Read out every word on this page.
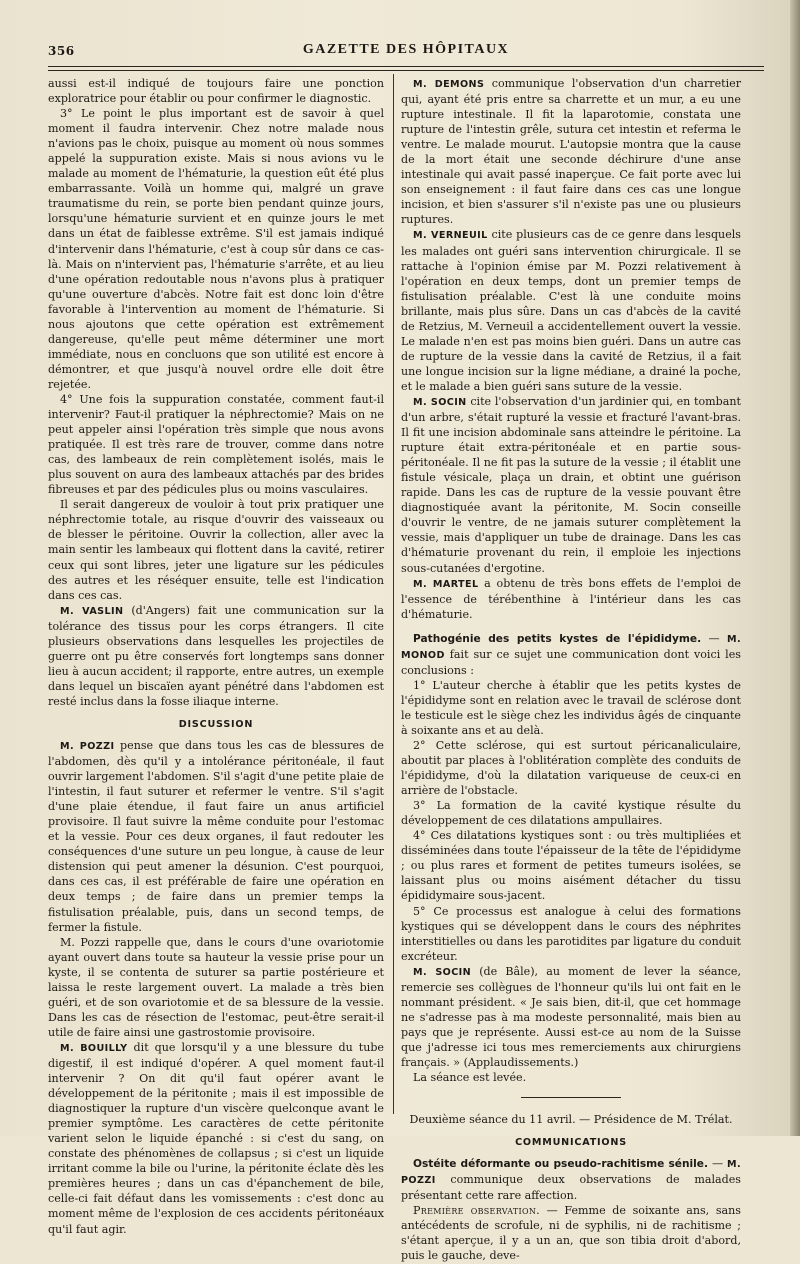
356	GAZETTE DES HÔPITAUX

aussi est-il indiqué de toujours faire une ponction exploratrice pour établir ou pour confirmer le diagnostic.

3° Le point le plus important est de savoir à quel moment il faudra intervenir. Chez notre malade nous n'avions pas le choix, puisque au moment où nous sommes appelé la suppuration existe. Mais si nous avions vu le malade au moment de l'hématurie, la question eût été plus embarrassante. Voilà un homme qui, malgré un grave traumatisme du rein, se porte bien pendant quinze jours, lorsqu'une hématurie survient et en quinze jours le met dans un état de faiblesse extrême. S'il est jamais indiqué d'intervenir dans l'hématurie, c'est à coup sûr dans ce cas-là. Mais on n'intervient pas, l'hématurie s'arrête, et au lieu d'une opération redoutable nous n'avons plus à pratiquer qu'une ouverture d'abcès. Notre fait est donc loin d'être favorable à l'intervention au moment de l'hématurie. Si nous ajoutons que cette opération est extrêmement dangereuse, qu'elle peut même déterminer une mort immédiate, nous en concluons que son utilité est encore à démontrer, et que jusqu'à nouvel ordre elle doit être rejetée.

4° Une fois la suppuration constatée, comment faut-il intervenir? Faut-il pratiquer la néphrectomie? Mais on ne peut appeler ainsi l'opération très simple que nous avons pratiquée. Il est très rare de trouver, comme dans notre cas, des lambeaux de rein complètement isolés, mais le plus souvent on aura des lambeaux attachés par des brides fibreuses et par des pédicules plus ou moins vasculaires.

Il serait dangereux de vouloir à tout prix pratiquer une néphrectomie totale, au risque d'ouvrir des vaisseaux ou de blesser le péritoine. Ouvrir la collection, aller avec la main sentir les lambeaux qui flottent dans la cavité, retirer ceux qui sont libres, jeter une ligature sur les pédicules des autres et les réséquer ensuite, telle est l'indication dans ces cas.

M. VASLIN (d'Angers) fait une communication sur la tolérance des tissus pour les corps étrangers. Il cite plusieurs observations dans lesquelles les projectiles de guerre ont pu être conservés fort longtemps sans donner lieu à aucun accident; il rapporte, entre autres, un exemple dans lequel un biscaïen ayant pénétré dans l'abdomen est resté inclus dans la fosse iliaque interne.

DISCUSSION

M. POZZI pense que dans tous les cas de blessures de l'abdomen, dès qu'il y a intolérance péritonéale, il faut ouvrir largement l'abdomen. S'il s'agit d'une petite plaie de l'intestin, il faut suturer et refermer le ventre. S'il s'agit d'une plaie étendue, il faut faire un anus artificiel provisoire. Il faut suivre la même conduite pour l'estomac et la vessie. Pour ces deux organes, il faut redouter les conséquences d'une suture un peu longue, à cause de leur distension qui peut amener la désunion. C'est pourquoi, dans ces cas, il est préférable de faire une opération en deux temps ; de faire dans un premier temps la fistulisation préalable, puis, dans un second temps, de fermer la fistule.

M. Pozzi rappelle que, dans le cours d'une ovariotomie ayant ouvert dans toute sa hauteur la vessie prise pour un kyste, il se contenta de suturer sa partie postérieure et laissa le reste largement ouvert. La malade a très bien guéri, et de son ovariotomie et de sa blessure de la vessie. Dans les cas de résection de l'estomac, peut-être serait-il utile de faire ainsi une gastrostomie provisoire.

M. BOUILLY dit que lorsqu'il y a une blessure du tube digestif, il est indiqué d'opérer. A quel moment faut-il intervenir ? On dit qu'il faut opérer avant le développement de la péritonite ; mais il est impossible de diagnostiquer la rupture d'un viscère quelconque avant le premier symptôme. Les caractères de cette péritonite varient selon le liquide épanché : si c'est du sang, on constate des phénomènes de collapsus ; si c'est un liquide irritant comme la bile ou l'urine, la péritonite éclate dès les premières heures ; dans un cas d'épanchement de bile, celle-ci fait défaut dans les vomissements : c'est donc au moment même de l'explosion de ces accidents péritonéaux qu'il faut agir.

M. DEMONS communique l'observation d'un charretier qui, ayant été pris entre sa charrette et un mur, a eu une rupture intestinale. Il fit la laparotomie, constata une rupture de l'intestin grêle, sutura cet intestin et referma le ventre. Le malade mourut. L'autopsie montra que la cause de la mort était une seconde déchirure d'une anse intestinale qui avait passé inaperçue. Ce fait porte avec lui son enseignement : il faut faire dans ces cas une longue incision, et bien s'assurer s'il n'existe pas une ou plusieurs ruptures.

M. VERNEUIL cite plusieurs cas de ce genre dans lesquels les malades ont guéri sans intervention chirurgicale. Il se rattache à l'opinion émise par M. Pozzi relativement à l'opération en deux temps, dont un premier temps de fistulisation préalable. C'est là une conduite moins brillante, mais plus sûre. Dans un cas d'abcès de la cavité de Retzius, M. Verneuil a accidentellement ouvert la vessie. Le malade n'en est pas moins bien guéri. Dans un autre cas de rupture de la vessie dans la cavité de Retzius, il a fait une longue incision sur la ligne médiane, a drainé la poche, et le malade a bien guéri sans suture de la vessie.

M. SOCIN cite l'observation d'un jardinier qui, en tombant d'un arbre, s'était rupturé la vessie et fracturé l'avant-bras. Il fit une incision abdominale sans atteindre le péritoine. La rupture était extra-péritonéale et en partie sous-péritonéale. Il ne fit pas la suture de la vessie ; il établit une fistule vésicale, plaça un drain, et obtint une guérison rapide. Dans les cas de rupture de la vessie pouvant être diagnostiquée avant la péritonite, M. Socin conseille d'ouvrir le ventre, de ne jamais suturer complètement la vessie, mais d'appliquer un tube de drainage. Dans les cas d'hématurie provenant du rein, il emploie les injections sous-cutanées d'ergotine.

M. MARTEL a obtenu de très bons effets de l'emploi de l'essence de térébenthine à l'intérieur dans les cas d'hématurie.

Pathogénie des petits kystes de l'épididyme. — M. MONOD fait sur ce sujet une communication dont voici les conclusions :

1° L'auteur cherche à établir que les petits kystes de l'épididyme sont en relation avec le travail de sclérose dont le testicule est le siège chez les individus âgés de cinquante à soixante ans et au delà.

2° Cette sclérose, qui est surtout péricanaliculaire, aboutit par places à l'oblitération complète des conduits de l'épididyme, d'où la dilatation variqueuse de ceux-ci en arrière de l'obstacle.

3° La formation de la cavité kystique résulte du développement de ces dilatations ampullaires.

4° Ces dilatations kystiques sont : ou très multipliées et disséminées dans toute l'épaisseur de la tête de l'épididyme ; ou plus rares et forment de petites tumeurs isolées, se laissant plus ou moins aisément détacher du tissu épididymaire sous-jacent.

5° Ce processus est analogue à celui des formations kystiques qui se développent dans le cours des néphrites interstitielles ou dans les parotidites par ligature du conduit excréteur.

M. SOCIN (de Bâle), au moment de lever la séance, remercie ses collègues de l'honneur qu'ils lui ont fait en le nommant président. « Je sais bien, dit-il, que cet hommage ne s'adresse pas à ma modeste personnalité, mais bien au pays que je représente. Aussi est-ce au nom de la Suisse que j'adresse ici tous mes remerciements aux chirurgiens français. » (Applaudissements.)

La séance est levée.

Deuxième séance du 11 avril. — Présidence de M. Trélat.

COMMUNICATIONS

Ostéite déformante ou pseudo-rachitisme sénile. — M. POZZI communique deux observations de malades présentant cette rare affection.

Première observation. — Femme de soixante ans, sans antécédents de scrofule, ni de syphilis, ni de rachitisme ; s'étant aperçue, il y a un an, que son tibia droit d'abord, puis le gauche, deve-
